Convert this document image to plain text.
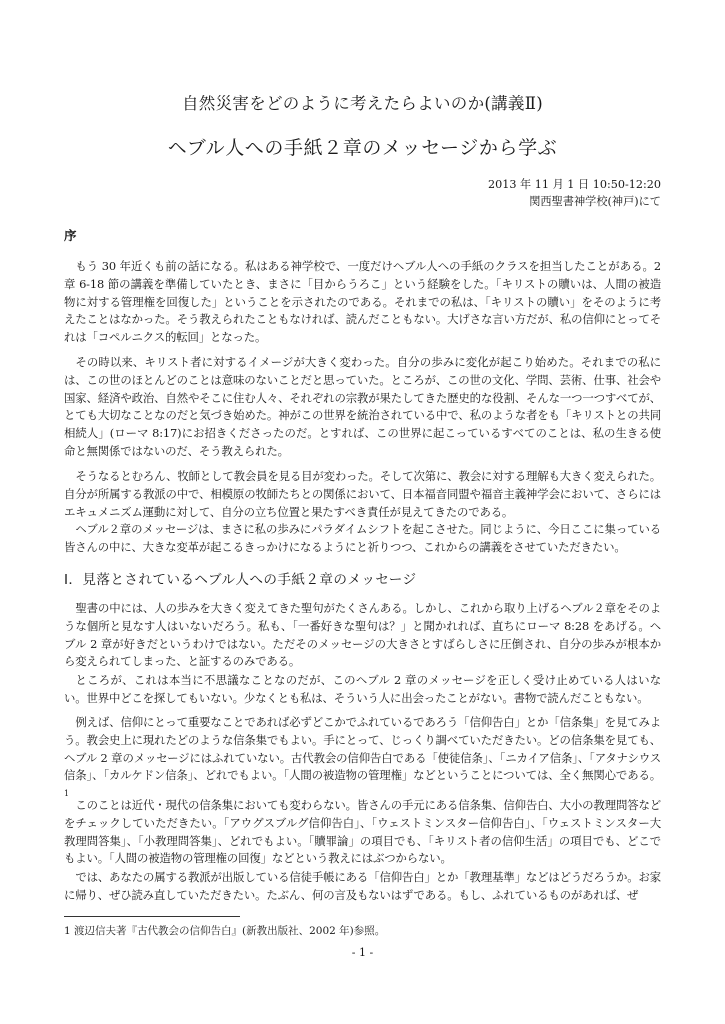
自然災害をどのように考えたらよいのか(講義Ⅱ)
ヘブル人への手紙２章のメッセージから学ぶ
2013 年 11 月 1 日 10:50-12:20
関西聖書神学校(神戸)にて
序

もう 30 年近くも前の話になる。私はある神学校で、一度だけヘブル人への手紙のクラスを担当したことがある。2 章 6-18 節の講義を準備していたとき、まさに「目からうろこ」という経験をした。「キリストの贖いは、人間の被造物に対する管理権を回復した」ということを示されたのである。それまでの私は、「キリストの贖い」をそのように考えたことはなかった。そう教えられたこともなければ、読んだこともない。大げさな言い方だが、私の信仰にとってそれは「コペルニクス的転回」となった。

その時以来、キリスト者に対するイメージが大きく変わった。自分の歩みに変化が起こり始めた。それまでの私には、この世のほとんどのことは意味のないことだと思っていた。ところが、この世の文化、学問、芸術、仕事、社会や国家、経済や政治、自然やそこに住む人々、それぞれの宗教が果たしてきた歴史的な役割、そんな一つ一つすべてが、とても大切なことなのだと気づき始めた。神がこの世界を統治されている中で、私のような者をも「キリストとの共同相続人」(ローマ 8:17)にお招きくださったのだ。とすれば、この世界に起こっているすべてのことは、私の生きる使命と無関係ではないのだ、そう教えられた。

そうなるとむろん、牧師として教会員を見る目が変わった。そして次第に、教会に対する理解も大きく変えられた。自分が所属する教派の中で、相模原の牧師たちとの関係において、日本福音同盟や福音主義神学会において、さらにはエキュメニズム運動に対して、自分の立ち位置と果たすべき責任が見えてきたのである。

ヘブル２章のメッセージは、まさに私の歩みにパラダイムシフトを起こさせた。同じように、今日ここに集っている皆さんの中に、大きな変革が起こるきっかけになるようにと祈りつつ、これからの講義をさせていただきたい。

Ⅰ．見落とされているヘブル人への手紙２章のメッセージ

聖書の中には、人の歩みを大きく変えてきた聖句がたくさんある。しかし、これから取り上げるヘブル２章をそのような個所と見なす人はいないだろう。私も、「一番好きな聖句は？」と聞かれれば、直ちにローマ 8:28 をあげる。ヘブル 2 章が好きだというわけではない。ただそのメッセージの大きさとすばらしさに圧倒され、自分の歩みが根本から変えられてしまった、と証するのみである。

ところが、これは本当に不思議なことなのだが、このヘブル 2 章のメッセージを正しく受け止めている人はいない。世界中どこを探してもいない。少なくとも私は、そういう人に出会ったことがない。書物で読んだこともない。

例えば、信仰にとって重要なことであれば必ずどこかでふれているであろう「信仰告白」とか「信条集」を見てみよう。教会史上に現れたどのような信条集でもよい。手にとって、じっくり調べていただきたい。どの信条集を見ても、ヘブル 2 章のメッセージにはふれていない。古代教会の信仰告白である「使徒信条」、「ニカイア信条」、「アタナシウス信条」、「カルケドン信条」、どれでもよい。「人間の被造物の管理権」などということについては、全く無関心である。$^1$

このことは近代・現代の信条集においても変わらない。皆さんの手元にある信条集、信仰告白、大小の教理問答などをチェックしていただきたい。「アウグスブルグ信仰告白」、「ウェストミンスター信仰告白」、「ウェストミンスター大教理問答集」、「小教理問答集」、どれでもよい。「贖罪論」の項目でも、「キリスト者の信仰生活」の項目でも、どこでもよい。「人間の被造物の管理権の回復」などという教えにはぶつからない。

では、あなたの属する教派が出版している信徒手帳にある「信仰告白」とか「教理基準」などはどうだろうか。お家に帰り、ぜひ読み直していただきたい。たぶん、何の言及もないはずである。もし、ふれているものがあれば、ぜ

1 渡辺信夫著『古代教会の信仰告白』(新教出版社、2002 年)参照。
- 1 -
